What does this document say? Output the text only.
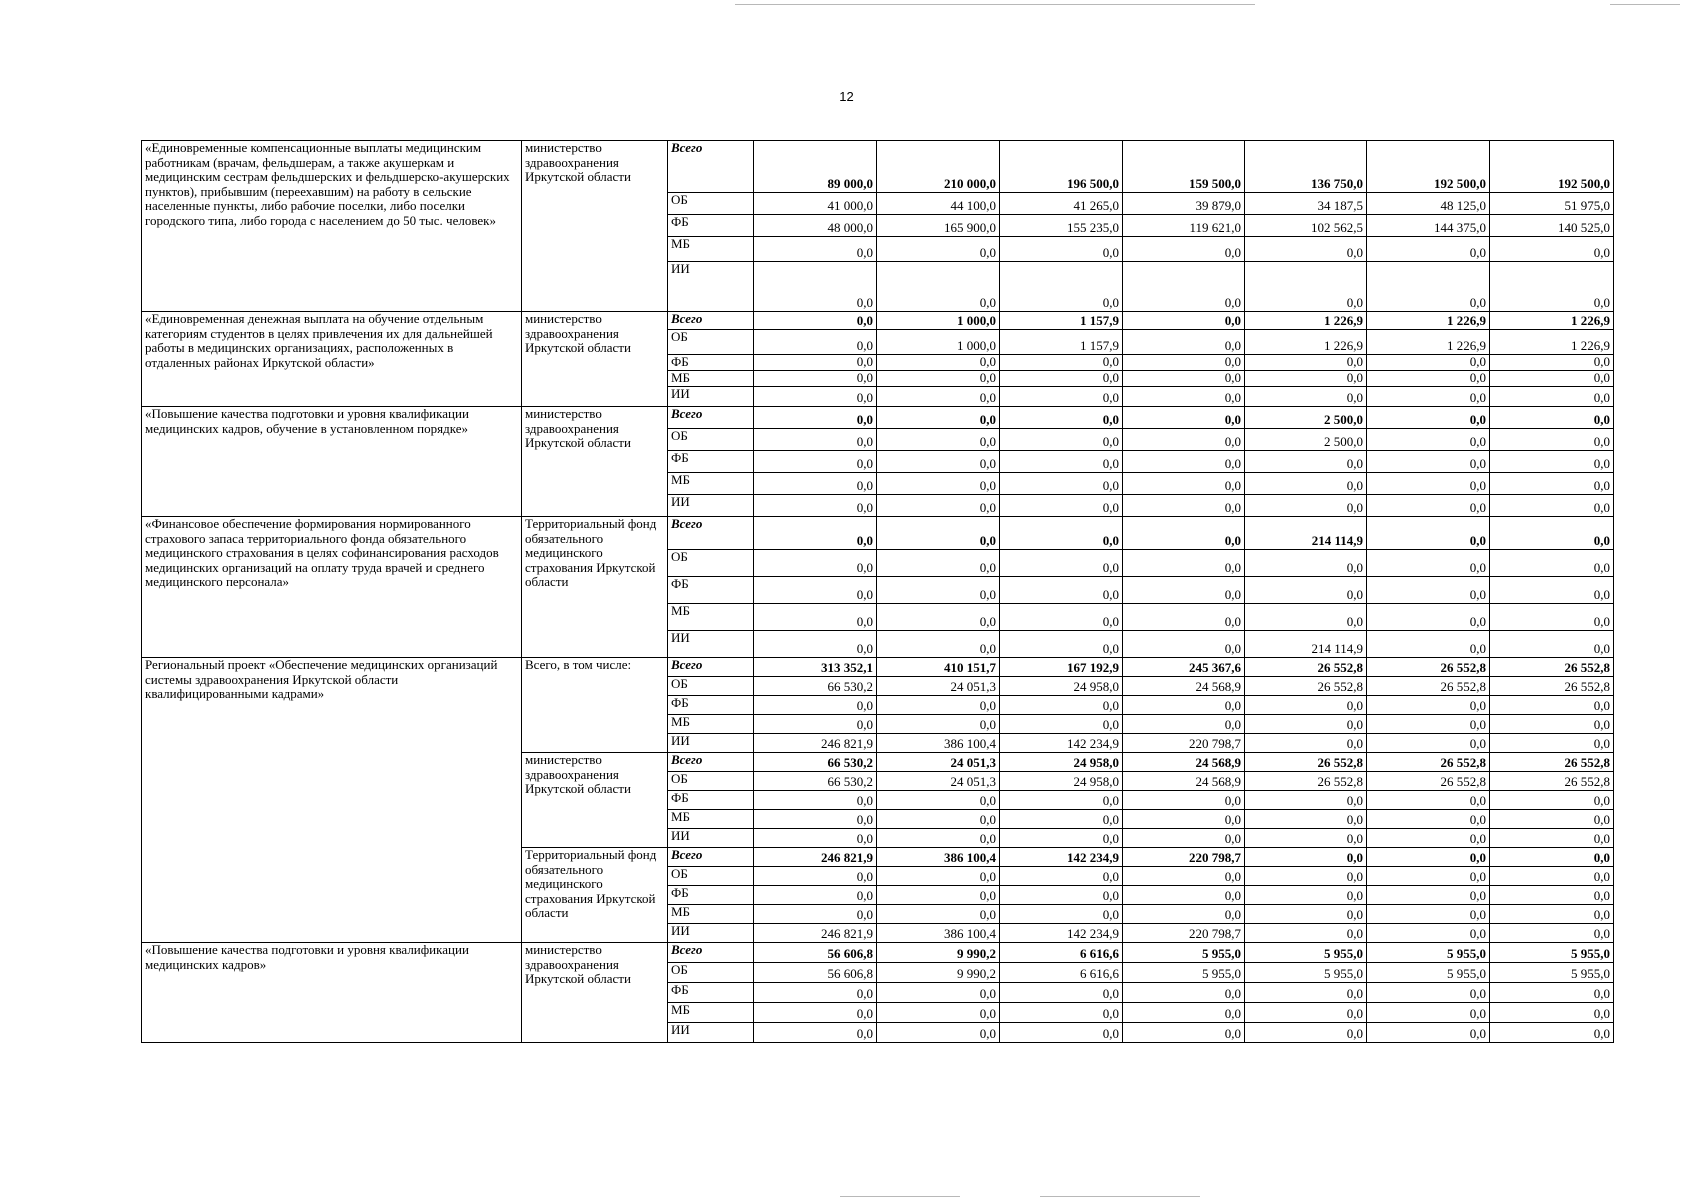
12
«Единовременные компенсационные выплаты медицинским работникам (врачам, фельдшерам, а также акушеркам и медицинским сестрам фельдшерских и фельдшерско-акушерских пунктов), прибывшим (переехавшим) на работу в сельские населенные пункты, либо рабочие поселки, либо поселки городского типа, либо города с населением до 50 тыс. человек»	министерство здравоохранения Иркутской области	Всего	89 000,0	210 000,0	196 500,0	159 500,0	136 750,0	192 500,0	192 500,0
		ОБ	41 000,0	44 100,0	41 265,0	39 879,0	34 187,5	48 125,0	51 975,0
		ФБ	48 000,0	165 900,0	155 235,0	119 621,0	102 562,5	144 375,0	140 525,0
		МБ	0,0	0,0	0,0	0,0	0,0	0,0	0,0
		ИИ	0,0	0,0	0,0	0,0	0,0	0,0	0,0
«Единовременная денежная выплата на обучение отдельным категориям студентов в целях привлечения их для дальнейшей работы в медицинских организациях, расположенных в отдаленных районах Иркутской области»	министерство здравоохранения Иркутской области	Всего	0,0	1 000,0	1 157,9	0,0	1 226,9	1 226,9	1 226,9
		ОБ	0,0	1 000,0	1 157,9	0,0	1 226,9	1 226,9	1 226,9
		ФБ	0,0	0,0	0,0	0,0	0,0	0,0	0,0
		МБ	0,0	0,0	0,0	0,0	0,0	0,0	0,0
		ИИ	0,0	0,0	0,0	0,0	0,0	0,0	0,0
«Повышение качества подготовки и уровня квалификации медицинских кадров, обучение в установленном порядке»	министерство здравоохранения Иркутской области	Всего	0,0	0,0	0,0	0,0	2 500,0	0,0	0,0
		ОБ	0,0	0,0	0,0	0,0	2 500,0	0,0	0,0
		ФБ	0,0	0,0	0,0	0,0	0,0	0,0	0,0
		МБ	0,0	0,0	0,0	0,0	0,0	0,0	0,0
		ИИ	0,0	0,0	0,0	0,0	0,0	0,0	0,0
«Финансовое обеспечение формирования нормированного страхового запаса территориального фонда обязательного медицинского страхования в целях софинансирования расходов медицинских организаций на оплату труда врачей и среднего медицинского персонала»	Территориальный фонд обязательного медицинского страхования Иркутской области	Всего	0,0	0,0	0,0	0,0	214 114,9	0,0	0,0
		ОБ	0,0	0,0	0,0	0,0	0,0	0,0	0,0
		ФБ	0,0	0,0	0,0	0,0	0,0	0,0	0,0
		МБ	0,0	0,0	0,0	0,0	0,0	0,0	0,0
		ИИ	0,0	0,0	0,0	0,0	214 114,9	0,0	0,0
Региональный проект «Обеспечение медицинских организаций системы здравоохранения Иркутской области квалифицированными кадрами»	Всего, в том числе:	Всего	313 352,1	410 151,7	167 192,9	245 367,6	26 552,8	26 552,8	26 552,8
		ОБ	66 530,2	24 051,3	24 958,0	24 568,9	26 552,8	26 552,8	26 552,8
		ФБ	0,0	0,0	0,0	0,0	0,0	0,0	0,0
		МБ	0,0	0,0	0,0	0,0	0,0	0,0	0,0
		ИИ	246 821,9	386 100,4	142 234,9	220 798,7	0,0	0,0	0,0
	министерство здравоохранения Иркутской области	Всего	66 530,2	24 051,3	24 958,0	24 568,9	26 552,8	26 552,8	26 552,8
		ОБ	66 530,2	24 051,3	24 958,0	24 568,9	26 552,8	26 552,8	26 552,8
		ФБ	0,0	0,0	0,0	0,0	0,0	0,0	0,0
		МБ	0,0	0,0	0,0	0,0	0,0	0,0	0,0
		ИИ	0,0	0,0	0,0	0,0	0,0	0,0	0,0
	Территориальный фонд обязательного медицинского страхования Иркутской области	Всего	246 821,9	386 100,4	142 234,9	220 798,7	0,0	0,0	0,0
		ОБ	0,0	0,0	0,0	0,0	0,0	0,0	0,0
		ФБ	0,0	0,0	0,0	0,0	0,0	0,0	0,0
		МБ	0,0	0,0	0,0	0,0	0,0	0,0	0,0
		ИИ	246 821,9	386 100,4	142 234,9	220 798,7	0,0	0,0	0,0
«Повышение качества подготовки и уровня квалификации медицинских кадров»	министерство здравоохранения Иркутской области	Всего	56 606,8	9 990,2	6 616,6	5 955,0	5 955,0	5 955,0	5 955,0
		ОБ	56 606,8	9 990,2	6 616,6	5 955,0	5 955,0	5 955,0	5 955,0
		ФБ	0,0	0,0	0,0	0,0	0,0	0,0	0,0
		МБ	0,0	0,0	0,0	0,0	0,0	0,0	0,0
		ИИ	0,0	0,0	0,0	0,0	0,0	0,0	0,0
